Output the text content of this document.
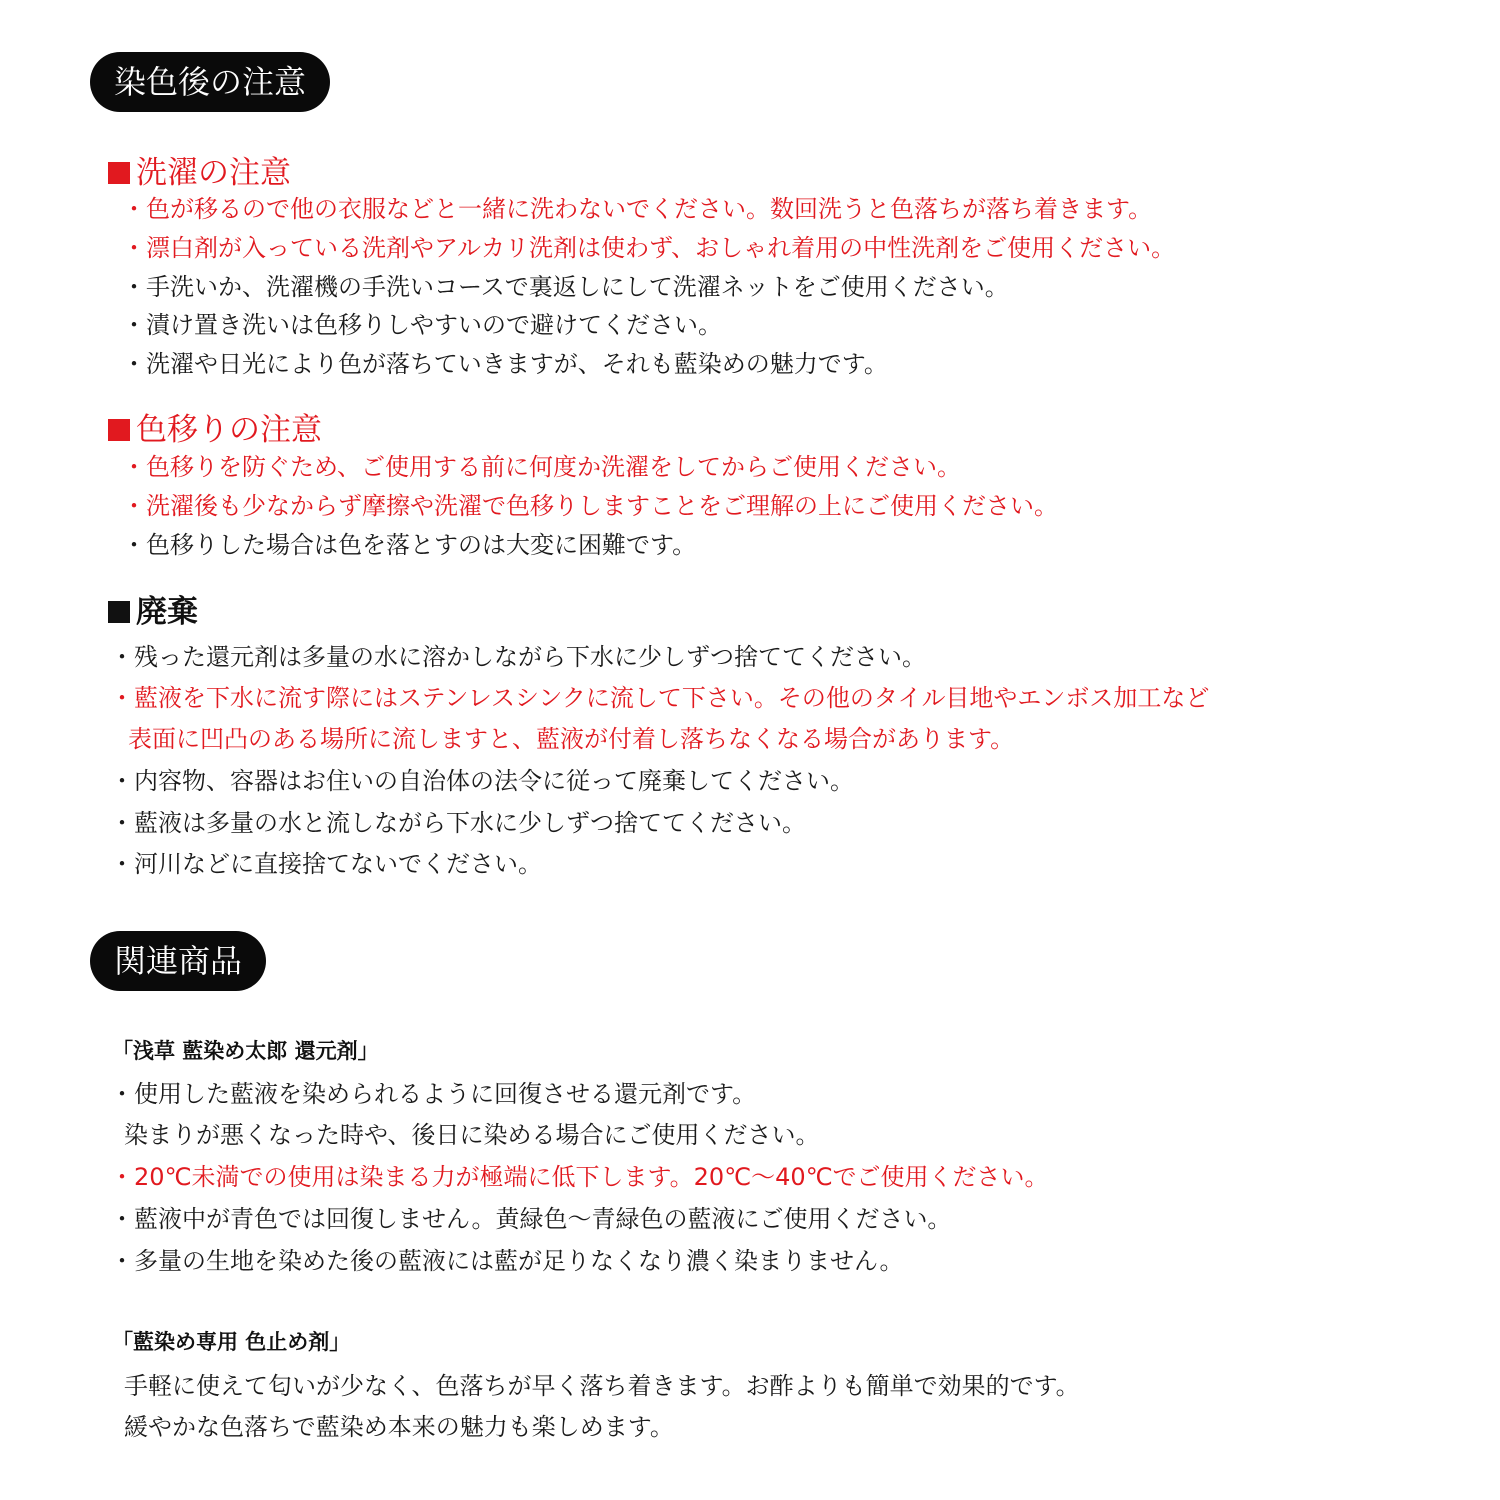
染色後の注意
洗濯の注意
・色が移るので他の衣服などと一緒に洗わないでください。数回洗うと色落ちが落ち着きます。
・漂白剤が入っている洗剤やアルカリ洗剤は使わず、おしゃれ着用の中性洗剤をご使用ください。
・手洗いか、洗濯機の手洗いコースで裏返しにして洗濯ネットをご使用ください。
・漬け置き洗いは色移りしやすいので避けてください。
・洗濯や日光により色が落ちていきますが、それも藍染めの魅力です。
色移りの注意
・色移りを防ぐため、ご使用する前に何度か洗濯をしてからご使用ください。
・洗濯後も少なからず摩擦や洗濯で色移りしますことをご理解の上にご使用ください。
・色移りした場合は色を落とすのは大変に困難です。
廃棄
・残った還元剤は多量の水に溶かしながら下水に少しずつ捨ててください。
・藍液を下水に流す際にはステンレスシンクに流して下さい。その他のタイル目地やエンボス加工など
表面に凹凸のある場所に流しますと、藍液が付着し落ちなくなる場合があります。
・内容物、容器はお住いの自治体の法令に従って廃棄してください。
・藍液は多量の水と流しながら下水に少しずつ捨ててください。
・河川などに直接捨てないでください。
関連商品
「浅草 藍染め太郎 還元剤」
・使用した藍液を染められるように回復させる還元剤です。
染まりが悪くなった時や、後日に染める場合にご使用ください。
・20℃未満での使用は染まる力が極端に低下します。20℃〜40℃でご使用ください。
・藍液中が青色では回復しません。黄緑色〜青緑色の藍液にご使用ください。
・多量の生地を染めた後の藍液には藍が足りなくなり濃く染まりません。
「藍染め専用 色止め剤」
手軽に使えて匂いが少なく、色落ちが早く落ち着きます。お酢よりも簡単で効果的です。
緩やかな色落ちで藍染め本来の魅力も楽しめます。
